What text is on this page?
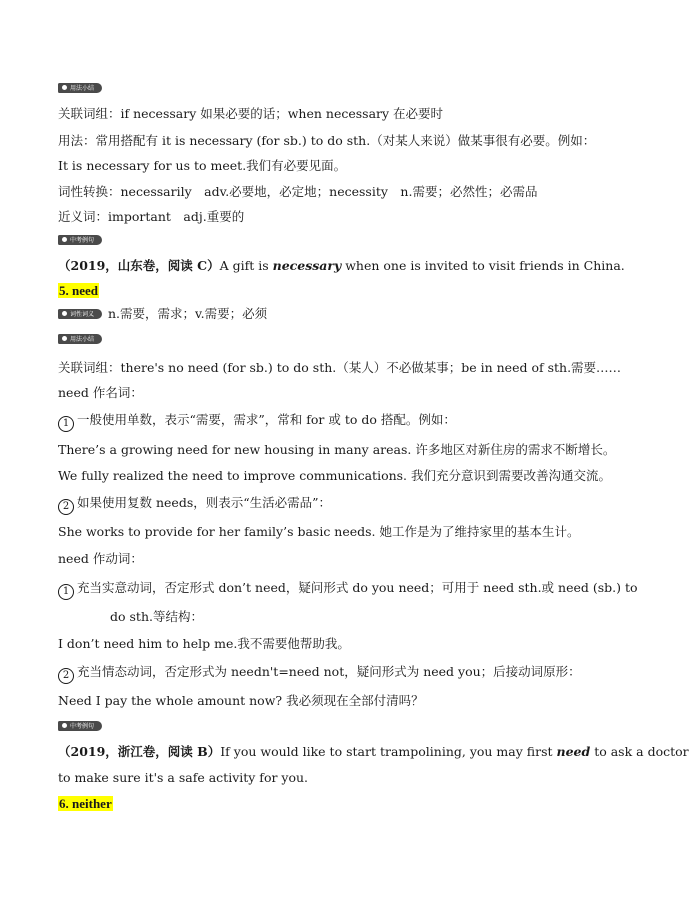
用法小结
关联词组：if necessary 如果必要的话；when necessary 在必要时
用法：常用搭配有 it is necessary (for sb.) to do sth.（对某人来说）做某事很有必要。例如：
It is necessary for us to meet.我们有必要见面。
词性转换：necessarily　adv.必要地，必定地；necessity　n.需要；必然性；必需品
近义词：important　adj.重要的
中考例句
（2019，山东卷，阅读 C）A gift is necessary when one is invited to visit friends in China.
5. need
词性词义	n.需要，需求；v.需要；必须
用法小结
关联词组：there's no need (for sb.) to do sth.（某人）不必做某事；be in need of sth.需要……
need 作名词：
1 一般使用单数，表示“需要，需求”，常和 for 或 to do 搭配。例如：
There’s a growing need for new housing in many areas. 许多地区对新住房的需求不断增长。
We fully realized the need to improve communications. 我们充分意识到需要改善沟通交流。
2 如果使用复数 needs，则表示“生活必需品”：
She works to provide for her family’s basic needs. 她工作是为了维持家里的基本生计。
need 作动词：
1 充当实意动词，否定形式 don’t need，疑问形式 do you need；可用于 need sth.或 need (sb.) to
do sth.等结构：
I don’t need him to help me.我不需要他帮助我。
2 充当情态动词，否定形式为 needn't=need not，疑问形式为 need you；后接动词原形：
Need I pay the whole amount now? 我必须现在全部付清吗？
中考例句
（2019，浙江卷，阅读 B）If you would like to start trampolining, you may first need to ask a doctor
to make sure it's a safe activity for you.
6. neither
